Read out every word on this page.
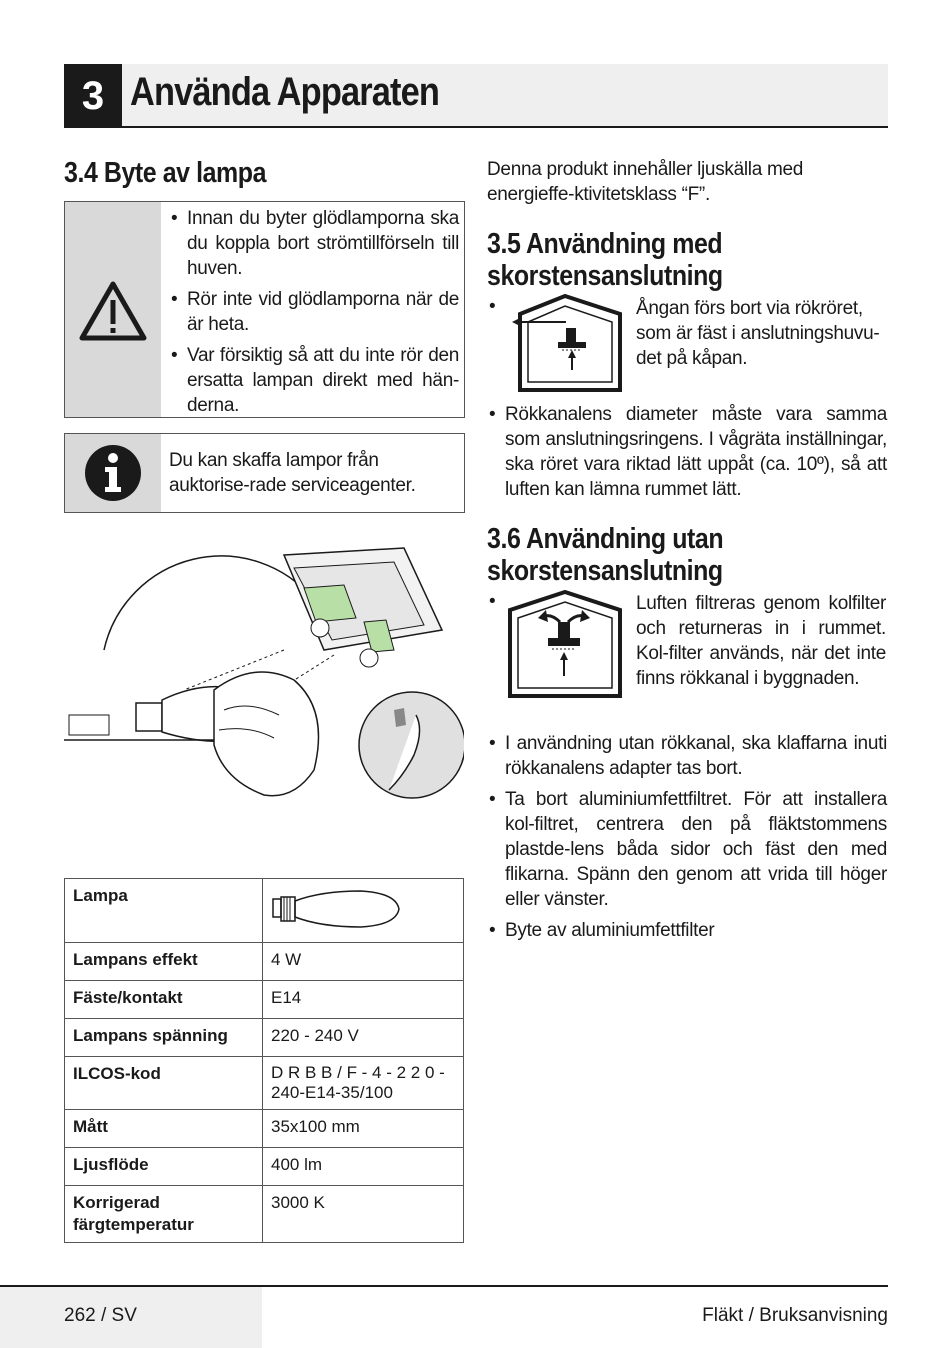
3 Använda Apparaten
3.4 Byte av lampa
• Innan du byter glödlamporna ska du koppla bort strömtillförseln till huven.
• Rör inte vid glödlamporna när de är heta.
• Var försiktig så att du inte rör den ersatta lampan direkt med hän-derna.
Du kan skaffa lampor från auktorise-rade serviceagenter.
Lampa	

Lampans effekt	4 W
Fäste/kontakt	E14
Lampans spänning	220 - 240 V
ILCOS-kod	D R B B / F - 4 - 2 2 0 - 240-E14-35/100
Mått	35x100 mm
Ljusflöde	400 lm
Korrigerad färgtemperatur	3000 K
Denna produkt innehåller ljuskälla med energieffe-ktivitetsklass “F”.
3.5 Användning med
skorstensanslutning
•	Ångan förs bort via rökröret, som är fäst i anslutningshuvu-det på kåpan.
• Rökkanalens diameter måste vara samma som anslutningsringens. I vågräta inställningar, ska röret vara riktad lätt uppåt (ca. 10º), så att luften kan lämna rummet lätt.
3.6 Användning utan
skorstensanslutning
•	Luften filtreras genom kolfilter och returneras in i rummet. Kol-filter används, när det inte finns rökkanal i byggnaden.
• I användning utan rökkanal, ska klaffarna inuti rökkanalens adapter tas bort.
• Ta bort aluminiumfettfiltret. För att installera kol-filtret, centrera den på fläktstommens plastde-lens båda sidor och fäst den med flikarna. Spänn den genom att vrida till höger eller vänster.
• Byte av aluminiumfettfilter
262 / SV	Fläkt / Bruksanvisning
